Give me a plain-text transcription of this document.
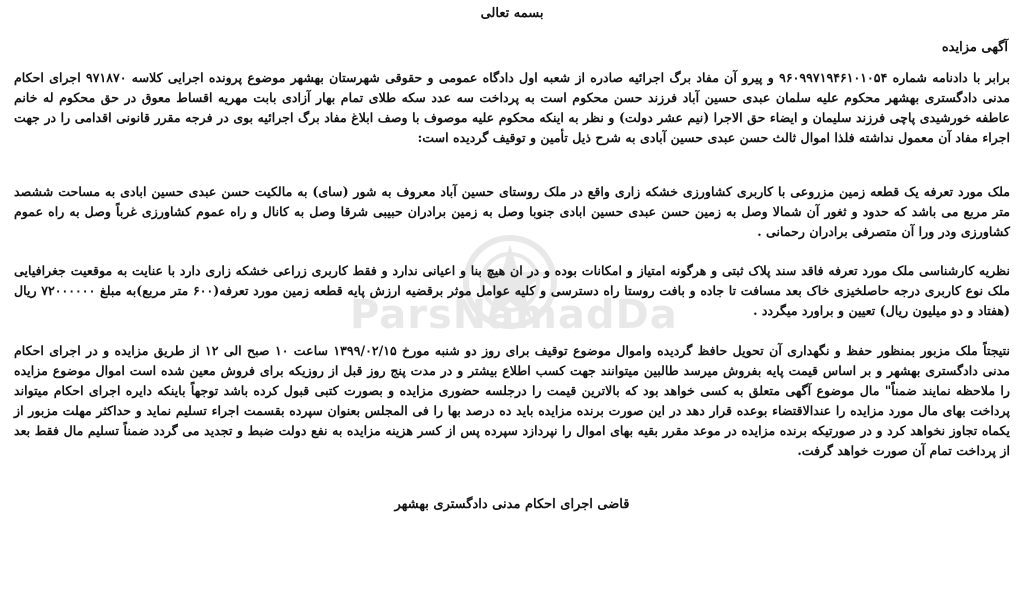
ParsNamadDa
بسمه تعالی
آگهی مزایده
برابر با دادنامه شماره ۹۶۰۹۹۷۱۹۴۶۱۰۱۰۵۴ و پیرو آن مفاد برگ اجرائیه صادره از شعبه اول دادگاه عمومی و حقوقی شهرستان بهشهر موضوع پرونده اجرایی کلاسه ۹۷۱۸۷۰ اجرای احکام مدنی دادگستری بهشهر محکوم علیه سلمان عبدی حسین آباد فرزند حسن محکوم است به پرداخت سه عدد سکه طلای تمام بهار آزادی بابت مهریه اقساط معوق در حق محکوم له خانم عاطفه خورشیدی پاچی فرزند سلیمان و ایضاء حق الاجرا (نیم عشر دولت) و نظر به اینکه محکوم علیه موصوف با وصف ابلاغ مفاد برگ اجرائیه بوی در فرجه مقرر قانونی اقدامی را در جهت اجراء مفاد آن معمول نداشته فلذا اموال ثالث حسن عبدی حسین آبادی به شرح ذیل تأمین و توقیف گردیده است:
ملک مورد تعرفه یک قطعه زمین مزروعی با کاربری کشاورزی خشکه زاری واقع در ملک روستای حسین آباد معروف به شور (سای) به مالکیت حسن عبدی حسین ابادی به مساحت ششصد متر مربع می باشد که حدود و ثغور آن شمالا وصل به زمین حسن عبدی حسین ابادی جنوبا وصل به زمین برادران حبیبی شرقا وصل به کانال و راه عموم کشاورزی غرباً وصل به راه عموم کشاورزی ودر ورا آن متصرفی برادران رحمانی .
نظریه کارشناسی ملک مورد تعرفه فاقد سند پلاک ثبتی و هرگونه امتیاز و امکانات بوده و در ان هیچ بنا و اعیانی ندارد و فقط کاربری زراعی خشکه زاری دارد با عنایت به موقعیت جغرافیایی ملک نوع کاربری درجه حاصلخیزی خاک بعد مسافت تا جاده و بافت روستا راه دسترسی و کلیه عوامل موثر برقضیه ارزش پایه قطعه زمین مورد تعرفه(۶۰۰ متر مربع)به مبلغ ۷۲۰۰۰۰۰۰ ریال (هفتاد و دو میلیون ریال) تعیین و براورد میگردد .
نتیجتاً ملک مزبور بمنظور حفظ و نگهداری آن تحویل حافظ گردیده واموال موضوع توقیف برای روز دو شنبه مورخ ۱۳۹۹/۰۲/۱۵ ساعت ۱۰ صبح الی ۱۲ از طریق مزایده و در اجرای احکام مدنی دادگستری بهشهر و بر اساس قیمت پایه بفروش میرسد طالبین میتوانند جهت کسب اطلاع بیشتر و در مدت پنج روز قبل از روزیکه برای فروش معین شده است اموال موضوع مزایده را ملاحظه نمایند ضمناً" مال موضوع آگهی متعلق به کسی خواهد بود که بالاترین قیمت را درجلسه حضوری مزایده و بصورت کتبی قبول کرده باشد توجهاً باینکه دایره اجرای احکام میتواند پرداخت بهای مال مورد مزایده را عندالاقتضاء بوعده قرار دهد در این صورت برنده مزایده باید ده درصد بها را فی المجلس بعنوان سپرده بقسمت اجراء تسلیم نماید و حداکثر مهلت مزبور از یکماه تجاوز نخواهد کرد و در صورتیکه برنده مزایده در موعد مقرر بقیه بهای اموال را نپردازد سپرده پس از کسر هزینه مزایده به نفع دولت ضبط و تجدید می گردد ضمناً تسلیم مال فقط بعد از پرداخت تمام آن صورت خواهد گرفت.
قاضی اجرای احکام مدنی دادگستری بهشهر
